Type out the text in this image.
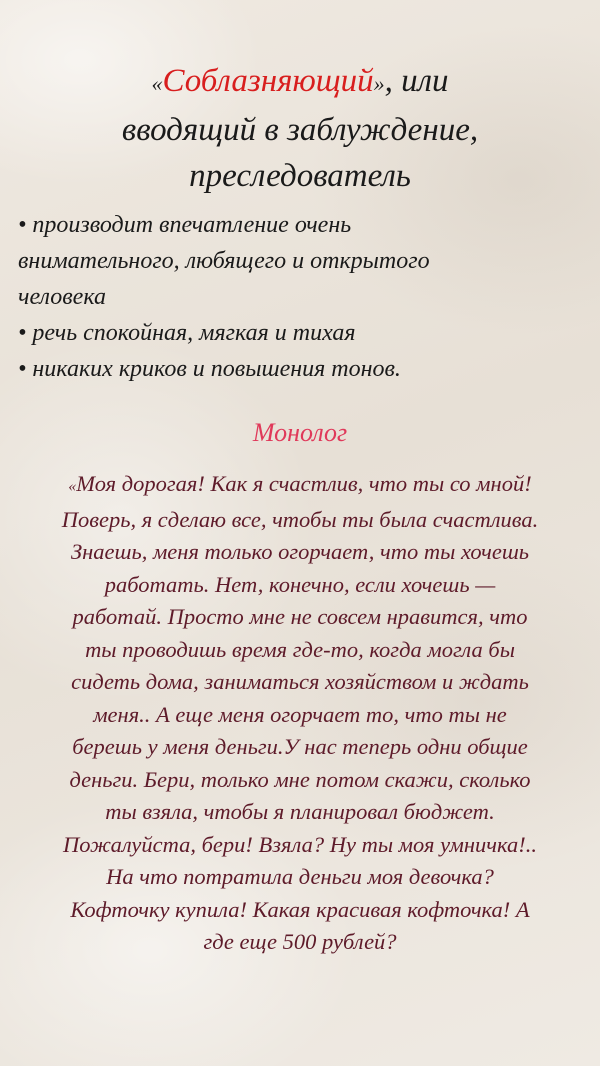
«Соблазняющий», или
вводящий в заблуждение,
преследователь
• производит впечатление очень
внимательного, любящего и открытого
человека
• речь спокойная, мягкая и тихая
• никаких криков и повышения тонов.
Монолог
«Моя дорогая! Как я счастлив, что ты со мной!
Поверь, я сделаю все, чтобы ты была счастлива.
Знаешь, меня только огорчает, что ты хочешь
работать. Нет, конечно, если хочешь —
работай. Просто мне не совсем нравится, что
ты проводишь время где-то, когда могла бы
сидеть дома, заниматься хозяйством и ждать
меня.. А еще меня огорчает то, что ты не
берешь у меня деньги.У нас теперь одни общие
деньги. Бери, только мне потом скажи, сколько
ты взяла, чтобы я планировал бюджет.
Пожалуйста, бери! Взяла? Ну ты моя умничка!..
На что потратила деньги моя девочка?
Кофточку купила! Какая красивая кофточка! А
где еще 500 рублей?
